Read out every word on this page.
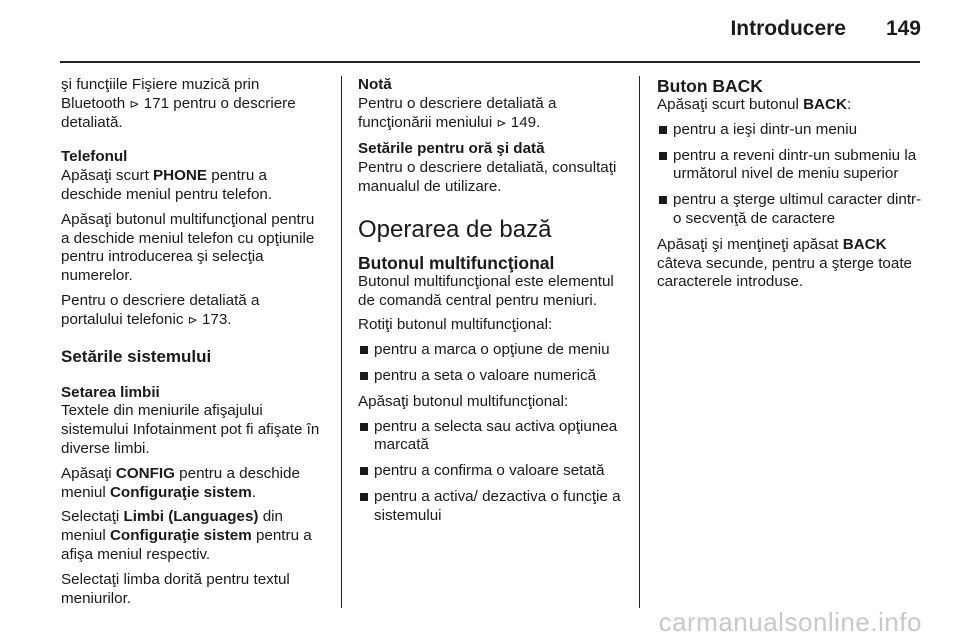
Introducere 149

şi funcţiile Fişiere muzică prin Bluetooth ⊳ 171 pentru o descriere detaliată.

Telefonul

Apăsaţi scurt PHONE pentru a deschide meniul pentru telefon.

Apăsaţi butonul multifuncţional pentru a deschide meniul telefon cu opţiunile pentru introducerea şi selecţia numerelor.

Pentru o descriere detaliată a portalului telefonic ⊳ 173.

Setările sistemului

Setarea limbii

Textele din meniurile afişajului sistemului Infotainment pot fi afişate în diverse limbi.

Apăsaţi CONFIG pentru a deschide meniul Configuraţie sistem.

Selectaţi Limbi (Languages) din meniul Configuraţie sistem pentru a afişa meniul respectiv.

Selectaţi limba dorită pentru textul meniurilor.

Notă

Pentru o descriere detaliată a funcţionării meniului ⊳ 149.

Setările pentru oră şi dată

Pentru o descriere detaliată, consultaţi manualul de utilizare.

Operarea de bază

Butonul multifuncţional

Butonul multifuncţional este elementul de comandă central pentru meniuri.

Rotiţi butonul multifuncţional:

pentru a marca o opţiune de meniu
pentru a seta o valoare numerică

Apăsaţi butonul multifuncţional:

pentru a selecta sau activa opţiunea marcată
pentru a confirma o valoare setată
pentru a activa/ dezactiva o funcţie a sistemului

Buton BACK

Apăsaţi scurt butonul BACK:

pentru a ieşi dintr-un meniu
pentru a reveni dintr-un submeniu la următorul nivel de meniu superior
pentru a şterge ultimul caracter dintr-o secvenţă de caractere

Apăsaţi şi menţineţi apăsat BACK câteva secunde, pentru a şterge toate caracterele introduse.

carmanualsonline.info
